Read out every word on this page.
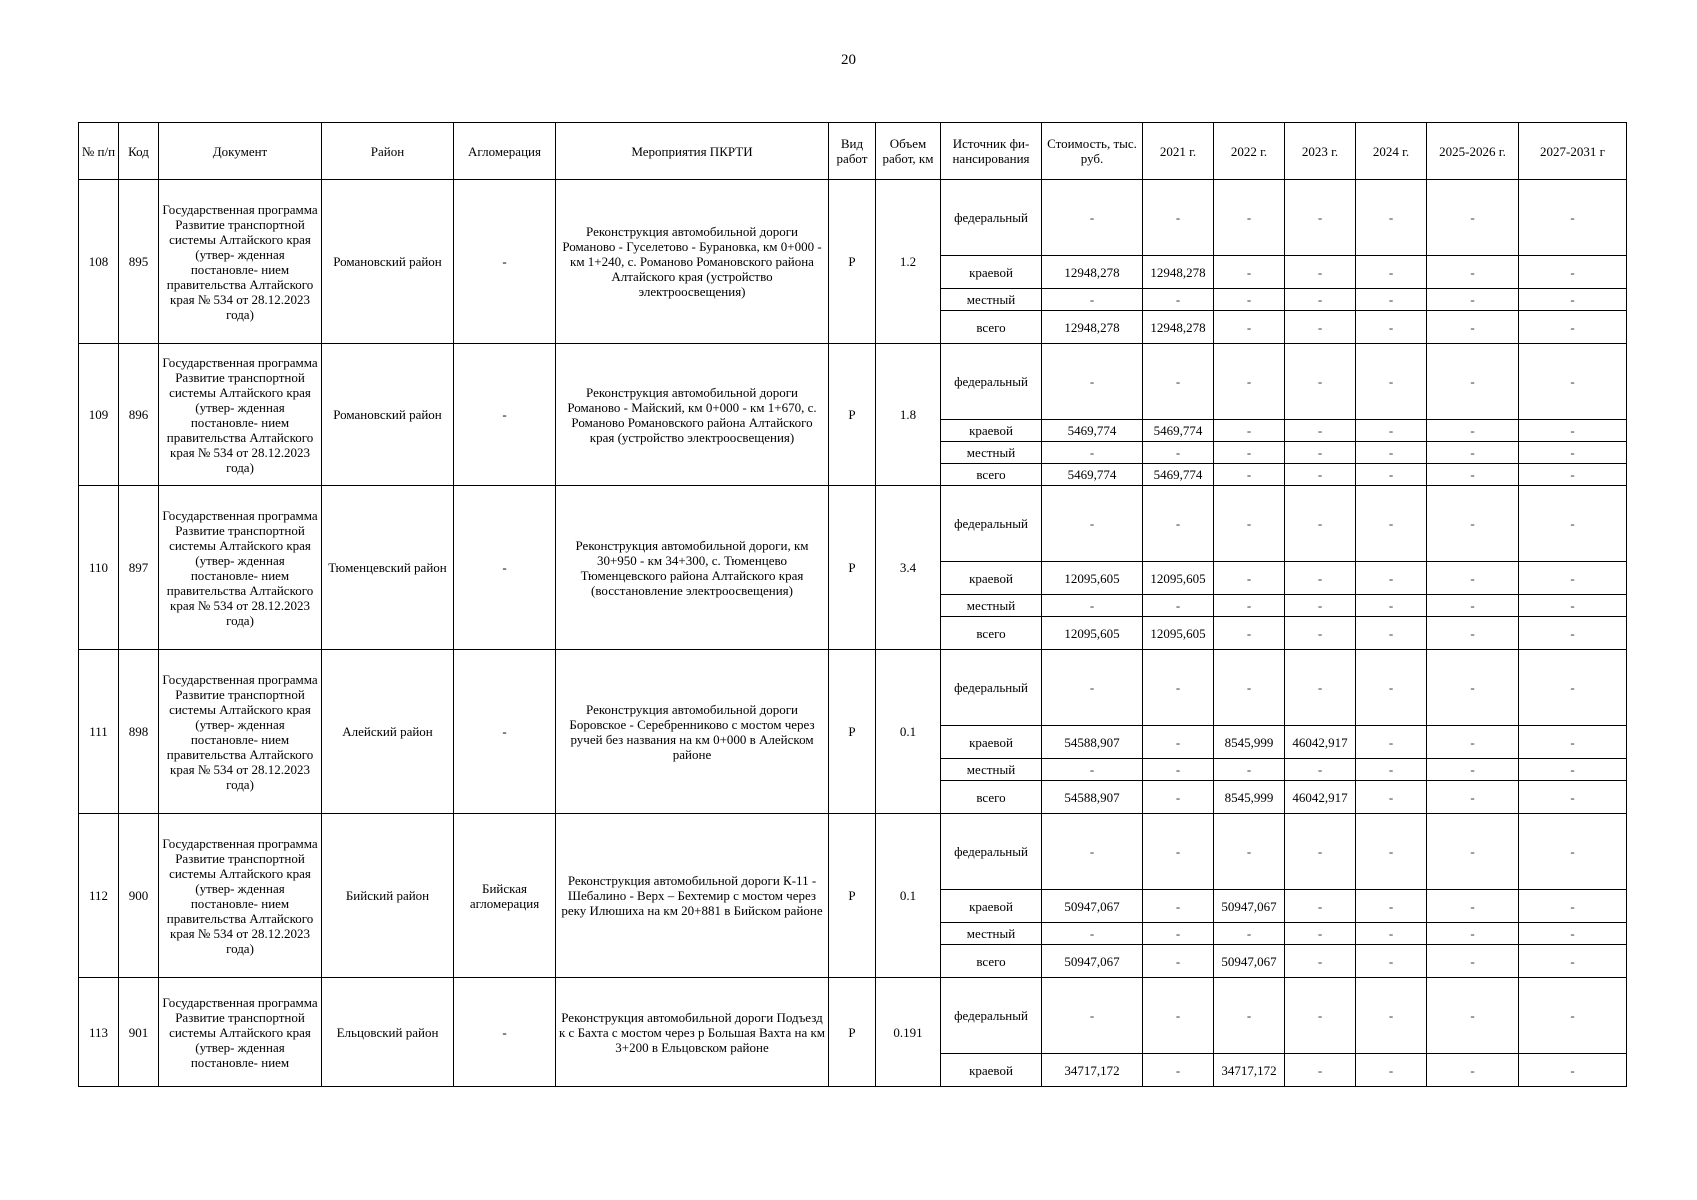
20
№ п/п	Код	Документ	Район	Агломерация	Мероприятия ПКРТИ	Вид работ	Объем работ, км	Источник фи-нансирования	Стоимость, тыс. руб.	2021 г.	2022 г.	2023 г.	2024 г.	2025-2026 г.	2027-2031 г
108	895	Государственная программа Развитие транспортной системы Алтайского края (утвер- жденная постановле- нием правительства Алтайского края № 534 от 28.12.2023 года)	Романовский район	-	Реконструкция автомобильной дороги Романово - Гуселетово - Бурановка, км 0+000 - км 1+240, с. Романово Романовского района Алтайского края (устройство электроосвещения)	Р	1.2	федеральный	-	-	-	-	-	-	-
								краевой	12948,278	12948,278	-	-	-	-	-
								местный	-	-	-	-	-	-	-
								всего	12948,278	12948,278	-	-	-	-	-
109	896	Государственная программа Развитие транспортной системы Алтайского края (утвер- жденная постановле- нием правительства Алтайского края № 534 от 28.12.2023 года)	Романовский район	-	Реконструкция автомобильной дороги Романово - Майский, км 0+000 - км 1+670, с. Романово Романовского района Алтайского края (устройство электроосвещения)	Р	1.8	федеральный	-	-	-	-	-	-	-
								краевой	5469,774	5469,774	-	-	-	-	-
								местный	-	-	-	-	-	-	-
								всего	5469,774	5469,774	-	-	-	-	-
110	897	Государственная программа Развитие транспортной системы Алтайского края (утвер- жденная постановле- нием правительства Алтайского края № 534 от 28.12.2023 года)	Тюменцевский район	-	Реконструкция автомобильной дороги, км 30+950 - км 34+300, с. Тюменцево Тюменцевского района Алтайского края (восстановление электроосвещения)	Р	3.4	федеральный	-	-	-	-	-	-	-
								краевой	12095,605	12095,605	-	-	-	-	-
								местный	-	-	-	-	-	-	-
								всего	12095,605	12095,605	-	-	-	-	-
111	898	Государственная программа Развитие транспортной системы Алтайского края (утвер- жденная постановле- нием правительства Алтайского края № 534 от 28.12.2023 года)	Алейский район	-	Реконструкция автомобильной дороги Боровское - Серебренниково с мостом через ручей без названия на км 0+000 в Алейском районе	Р	0.1	федеральный	-	-	-	-	-	-	-
								краевой	54588,907	-	8545,999	46042,917	-	-	-
								местный	-	-	-	-	-	-	-
								всего	54588,907	-	8545,999	46042,917	-	-	-
112	900	Государственная программа Развитие транспортной системы Алтайского края (утвер- жденная постановле- нием правительства Алтайского края № 534 от 28.12.2023 года)	Бийский район	Бийская агломерация	Реконструкция автомобильной дороги К-11 - Шебалино - Верх – Бехтемир с мостом через реку Илюшиха на км 20+881 в Бийском районе	Р	0.1	федеральный	-	-	-	-	-	-	-
								краевой	50947,067	-	50947,067	-	-	-	-
								местный	-	-	-	-	-	-	-
								всего	50947,067	-	50947,067	-	-	-	-
113	901	Государственная программа Развитие транспортной системы Алтайского края (утвер- жденная постановле- нием	Ельцовский район	-	Реконструкция автомобильной дороги Подъезд к с Бахта с мостом через р Большая Вахта на км 3+200 в Ельцовском районе	Р	0.191	федеральный	-	-	-	-	-	-	-
								краевой	34717,172	-	34717,172	-	-	-	-
